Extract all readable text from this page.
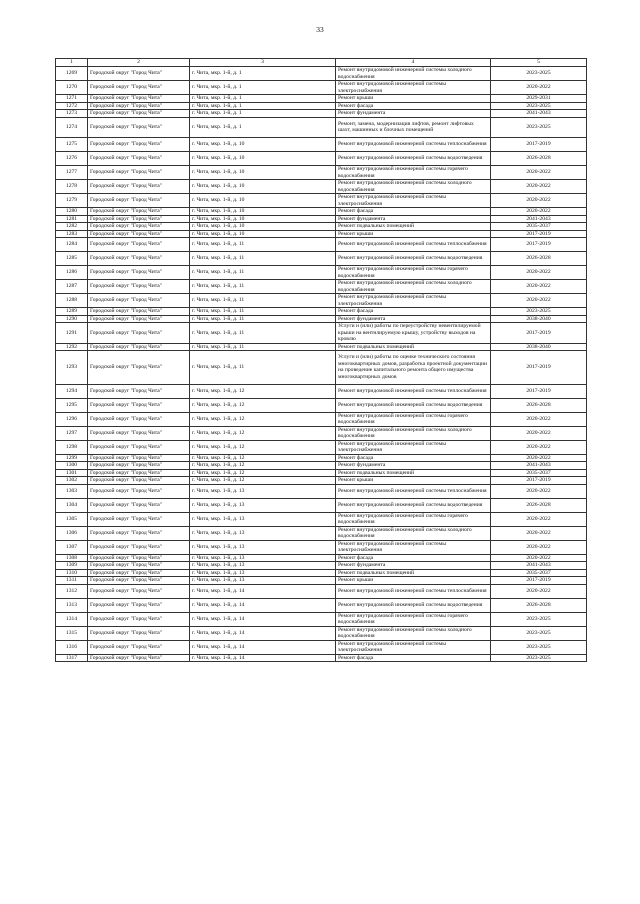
33
1	2	3	4	5
1269	Городской округ "Город Чита"	г. Чита, мкр. 1-й, д. 1	Ремонт внутридомовой инженерной системы холодного водоснабжения	2023-2025
1270	Городской округ "Город Чита"	г. Чита, мкр. 1-й, д. 1	Ремонт внутридомовой инженерной системы электроснабжения	2020-2022
1271	Городской округ "Город Чита"	г. Чита, мкр. 1-й, д. 1	Ремонт крыши	2029-2031
1272	Городской округ "Город Чита"	г. Чита, мкр. 1-й, д. 1	Ремонт фасада	2023-2025
1273	Городской округ "Город Чита"	г. Чита, мкр. 1-й, д. 1	Ремонт фундамента	2041-2043
1274	Городской округ "Город Чита"	г. Чита, мкр. 1-й, д. 1	Ремонт, замена, модернизация лифтов, ремонт лифтовых шахт, машинных и блочных помещений	2023-2025
1275	Городской округ "Город Чита"	г. Чита, мкр. 1-й, д. 10	Ремонт внутридомовой инженерной системы теплоснабжения	2017-2019
1276	Городской округ "Город Чита"	г. Чита, мкр. 1-й, д. 10	Ремонт внутридомовой инженерной системы водоотведения	2026-2028
1277	Городской округ "Город Чита"	г. Чита, мкр. 1-й, д. 10	Ремонт внутридомовой инженерной системы горячего водоснабжения	2020-2022
1278	Городской округ "Город Чита"	г. Чита, мкр. 1-й, д. 10	Ремонт внутридомовой инженерной системы холодного водоснабжения	2020-2022
1279	Городской округ "Город Чита"	г. Чита, мкр. 1-й, д. 10	Ремонт внутридомовой инженерной системы электроснабжения	2020-2022
1280	Городской округ "Город Чита"	г. Чита, мкр. 1-й, д. 10	Ремонт фасада	2020-2022
1281	Городской округ "Город Чита"	г. Чита, мкр. 1-й, д. 10	Ремонт фундамента	2041-2043
1282	Городской округ "Город Чита"	г. Чита, мкр. 1-й, д. 10	Ремонт подвальных помещений	2035-2037
1283	Городской округ "Город Чита"	г. Чита, мкр. 1-й, д. 10	Ремонт крыши	2017-2019
1284	Городской округ "Город Чита"	г. Чита, мкр. 1-й, д. 11	Ремонт внутридомовой инженерной системы теплоснабжения	2017-2019
1285	Городской округ "Город Чита"	г. Чита, мкр. 1-й, д. 11	Ремонт внутридомовой инженерной системы водоотведения	2026-2028
1286	Городской округ "Город Чита"	г. Чита, мкр. 1-й, д. 11	Ремонт внутридомовой инженерной системы горячего водоснабжения	2020-2022
1287	Городской округ "Город Чита"	г. Чита, мкр. 1-й, д. 11	Ремонт внутридомовой инженерной системы холодного водоснабжения	2020-2022
1288	Городской округ "Город Чита"	г. Чита, мкр. 1-й, д. 11	Ремонт внутридомовой инженерной системы электроснабжения	2020-2022
1289	Городской округ "Город Чита"	г. Чита, мкр. 1-й, д. 11	Ремонт фасада	2023-2025
1290	Городской округ "Город Чита"	г. Чита, мкр. 1-й, д. 11	Ремонт фундамента	2038-2040
1291	Городской округ "Город Чита"	г. Чита, мкр. 1-й, д. 11	Услуги и (или) работы по переустройству невентилируемой крыши на вентилируемую крышу, устройству выходов на кровлю	2017-2019
1292	Городской округ "Город Чита"	г. Чита, мкр. 1-й, д. 11	Ремонт подвальных помещений	2038-2040
1293	Городской округ "Город Чита"	г. Чита, мкр. 1-й, д. 11	Услуги и (или) работы по оценке технического состояния многоквартирных домов, разработка проектной документации на проведение капитального ремонта общего имущества многоквартирных домов	2017-2019
1294	Городской округ "Город Чита"	г. Чита, мкр. 1-й, д. 12	Ремонт внутридомовой инженерной системы теплоснабжения	2017-2019
1295	Городской округ "Город Чита"	г. Чита, мкр. 1-й, д. 12	Ремонт внутридомовой инженерной системы водоотведения	2026-2028
1296	Городской округ "Город Чита"	г. Чита, мкр. 1-й, д. 12	Ремонт внутридомовой инженерной системы горячего водоснабжения	2020-2022
1297	Городской округ "Город Чита"	г. Чита, мкр. 1-й, д. 12	Ремонт внутридомовой инженерной системы холодного водоснабжения	2020-2022
1298	Городской округ "Город Чита"	г. Чита, мкр. 1-й, д. 12	Ремонт внутридомовой инженерной системы электроснабжения	2020-2022
1299	Городской округ "Город Чита"	г. Чита, мкр. 1-й, д. 12	Ремонт фасада	2020-2022
1300	Городской округ "Город Чита"	г. Чита, мкр. 1-й, д. 12	Ремонт фундамента	2041-2043
1301	Городской округ "Город Чита"	г. Чита, мкр. 1-й, д. 12	Ремонт подвальных помещений	2035-2037
1302	Городской округ "Город Чита"	г. Чита, мкр. 1-й, д. 12	Ремонт крыши	2017-2019
1303	Городской округ "Город Чита"	г. Чита, мкр. 1-й, д. 13	Ремонт внутридомовой инженерной системы теплоснабжения	2020-2022
1304	Городской округ "Город Чита"	г. Чита, мкр. 1-й, д. 13	Ремонт внутридомовой инженерной системы водоотведения	2026-2028
1305	Городской округ "Город Чита"	г. Чита, мкр. 1-й, д. 13	Ремонт внутридомовой инженерной системы горячего водоснабжения	2020-2022
1306	Городской округ "Город Чита"	г. Чита, мкр. 1-й, д. 13	Ремонт внутридомовой инженерной системы холодного водоснабжения	2020-2022
1307	Городской округ "Город Чита"	г. Чита, мкр. 1-й, д. 13	Ремонт внутридомовой инженерной системы электроснабжения	2020-2022
1308	Городской округ "Город Чита"	г. Чита, мкр. 1-й, д. 13	Ремонт фасада	2020-2022
1309	Городской округ "Город Чита"	г. Чита, мкр. 1-й, д. 13	Ремонт фундамента	2041-2043
1310	Городской округ "Город Чита"	г. Чита, мкр. 1-й, д. 13	Ремонт подвальных помещений	2035-2037
1311	Городской округ "Город Чита"	г. Чита, мкр. 1-й, д. 13	Ремонт крыши	2017-2019
1312	Городской округ "Город Чита"	г. Чита, мкр. 1-й, д. 14	Ремонт внутридомовой инженерной системы теплоснабжения	2020-2022
1313	Городской округ "Город Чита"	г. Чита, мкр. 1-й, д. 14	Ремонт внутридомовой инженерной системы водоотведения	2026-2028
1314	Городской округ "Город Чита"	г. Чита, мкр. 1-й, д. 14	Ремонт внутридомовой инженерной системы горячего водоснабжения	2023-2025
1315	Городской округ "Город Чита"	г. Чита, мкр. 1-й, д. 14	Ремонт внутридомовой инженерной системы холодного водоснабжения	2023-2025
1316	Городской округ "Город Чита"	г. Чита, мкр. 1-й, д. 14	Ремонт внутридомовой инженерной системы электроснабжения	2023-2025
1317	Городской округ "Город Чита"	г. Чита, мкр. 1-й, д. 14	Ремонт фасада	2023-2025
